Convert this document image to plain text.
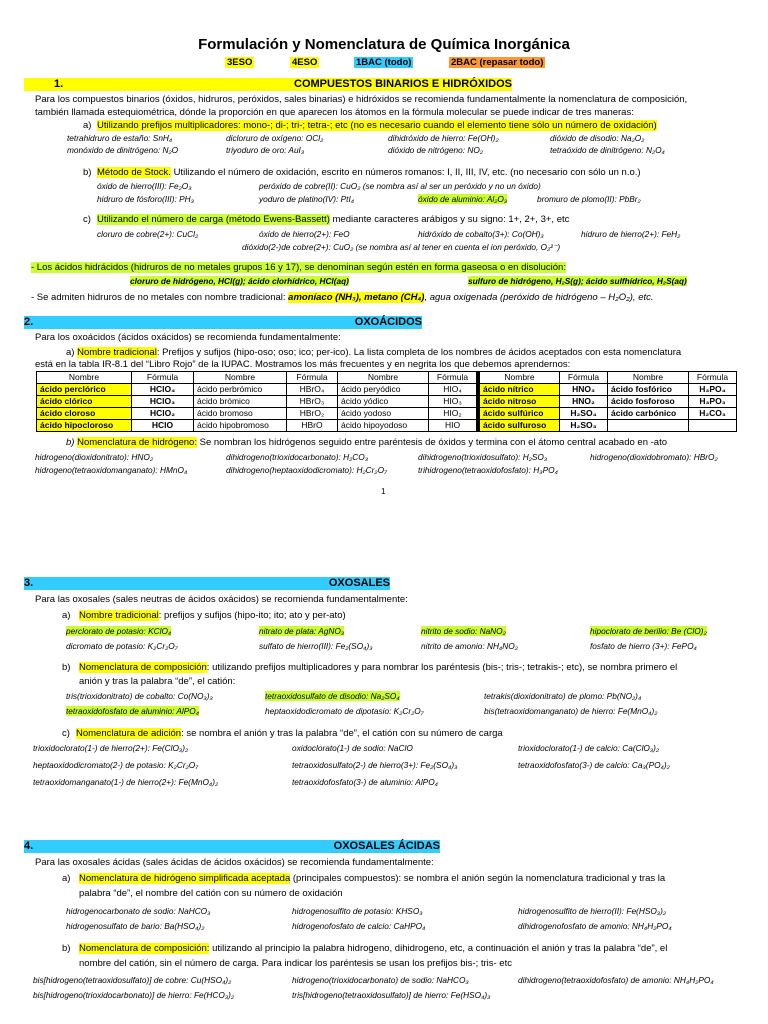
Formulación y Nomenclatura de Química Inorgánica
3ESO	4ESO	1BAC (todo)	2BAC (repasar todo)
1.	COMPUESTOS BINARIOS E HIDRÓXIDOS
Para los compuestos binarios (óxidos, hidruros, peróxidos, sales binarias) e hidróxidos se recomienda fundamentalmente la nomenclatura de composición,
también llamada estequiométrica, dónde la proporción en que aparecen los átomos en la fórmula molecular se puede indicar de tres maneras:
a) Utilizando prefijos multiplicadores: mono-; di-; tri-; tetra-; etc (no es necesario cuando el elemento tiene sólo un número de oxidación)
tetrahidruro de estaño: SnH₄	dicloruro de oxígeno: OCl₂	dihidróxido de hierro: Fe(OH)₂	dióxido de disodio: Na₂O₂
monóxido de dinitrógeno: N₂O	triyoduro de oro: AuI₃	dióxido de nitrógeno: NO₂	tetraóxido de dinitrógeno: N₂O₄
b) Método de Stock. Utilizando el número de oxidación, escrito en números romanos: I, II, III, IV, etc. (no necesario con sólo un n.o.)
óxido de hierro(III): Fe₂O₃	peróxido de cobre(II): CuO₂ (se nombra así al ser un peróxido y no un óxido)
hidruro de fósforo(III): PH₃	yoduro de platino(IV): PtI₄	óxido de aluminio: Al₂O₃	bromuro de plomo(II): PbBr₂
c) Utilizando el número de carga (método Ewens-Bassett) mediante caracteres arábigos y su signo: 1+, 2+, 3+, etc
cloruro de cobre(2+): CuCl₂	óxido de hierro(2+): FeO	hidróxido de cobalto(3+): Co(OH)₃	hidruro de hierro(2+): FeH₂
dióxido(2-)de cobre(2+): CuO₂ (se nombra así al tener en cuenta el ion peróxido, O₂²⁻)
- Los ácidos hidrácidos (hidruros de no metales grupos 16 y 17), se denominan según estén en forma gaseosa o en disolución:
cloruro de hidrógeno, HCl(g); ácido clorhídrico, HCl(aq)	sulfuro de hidrógeno, H₂S(g); ácido sulfhídrico, H₂S(aq)
- Se admiten hidruros de no metales con nombre tradicional: amoníaco (NH₃), metano (CH₄), agua oxigenada (peróxido de hidrógeno – H₂O₂), etc.
2.	OXOÁCIDOS
Para los oxoácidos (ácidos oxácidos) se recomienda fundamentalmente:
a) Nombre tradicional: Prefijos y sufijos (hipo-oso; oso; ico; per-ico). La lista completa de los nombres de ácidos aceptados con esta nomenclatura
está en la tabla IR-8.1 del “Libro Rojo” de la IUPAC. Mostramos los más frecuentes y en negrita los que debemos aprendernos:
Nombre	Fórmula	Nombre	Fórmula	Nombre	Fórmula	Nombre	Fórmula	Nombre	Fórmula
ácido perclórico	HClO₄	ácido perbrómico	HBrO₄	ácido peryódico	HIO₄	ácido nítrico	HNO₃	ácido fosfórico	H₃PO₄
ácido clórico	HClO₃	ácido brómico	HBrO₃	ácido yódico	HIO₃	ácido nitroso	HNO₂	ácido fosforoso	H₃PO₃
ácido cloroso	HClO₂	ácido bromoso	HBrO₂	ácido yodoso	HIO₂	ácido sulfúrico	H₂SO₄	ácido carbónico	H₂CO₃
ácido hipocloroso	HClO	ácido hipobromoso	HBrO	ácido hipoyodoso	HIO	ácido sulfuroso	H₂SO₃		
b) Nomenclatura de hidrógeno: Se nombran los hidrógenos seguido entre paréntesis de óxidos y termina con el átomo central acabado en -ato
hidrogeno(dioxidonitrato): HNO₂	dihidrogeno(trioxidocarbonato): H₂CO₃	dihidrogeno(trioxidosulfato): H₂SO₃	hidrogeno(dioxidobromato): HBrO₂
hidrogeno(tetraoxidomanganato): HMnO₄	dihidrogeno(heptaoxidodicromato): H₂Cr₂O₇	trihidrogeno(tetraoxidofosfato): H₃PO₄
1
3.	OXOSALES
Para las oxosales (sales neutras de ácidos oxácidos) se recomienda fundamentalmente:
a) Nombre tradicional: prefijos y sufijos (hipo-ito; ito; ato y per-ato)
perclorato de potasio: KClO₄	nitrato de plata: AgNO₃	nitrito de sodio: NaNO₂	hipoclorato de berilio: Be (ClO)₂
dicromato de potasio: K₂Cr₂O₇	sulfato de hierro(III): Fe₂(SO₄)₃	nitrito de amonio: NH₄NO₂	fosfato de hierro (3+): FePO₄
b) Nomenclatura de composición: utilizando prefijos multiplicadores y para nombrar los paréntesis (bis-; tris-; tetrakis-; etc), se nombra primero el
anión y tras la palabra “de”, el catión:
tris(trioxidonitrato) de cobalto: Co(NO₃)₃	tetraoxidosulfato de disodio: Na₂SO₄	tetrakis(dioxidonitrato) de plomo: Pb(NO₂)₄
tetraoxidofosfato de aluminio: AlPO₄	heptaoxidodicromato de dipotasio: K₂Cr₂O₇	bis(tetraoxidomanganato) de hierro: Fe(MnO₄)₂
c) Nomenclatura de adición: se nombra el anión y tras la palabra “de”, el catión con su número de carga
trioxidoclorato(1-) de hierro(2+): Fe(ClO₃)₂	oxidoclorato(1-) de sodio: NaClO	trioxidoclorato(1-) de calcio: Ca(ClO₃)₂
heptaoxidodicromato(2-) de potasio: K₂Cr₂O₇	tetraoxidosulfato(2-) de hierro(3+): Fe₂(SO₄)₃	tetraoxidofosfato(3-) de calcio: Ca₃(PO₄)₂
tetraoxidomanganato(1-) de hierro(2+): Fe(MnO₄)₂	tetraoxidofosfato(3-) de aluminio: AlPO₄
4.	OXOSALES ÁCIDAS
Para las oxosales ácidas (sales ácidas de ácidos oxácidos) se recomienda fundamentalmente:
a) Nomenclatura de hidrógeno simplificada aceptada (principales compuestos): se nombra el anión según la nomenclatura tradicional y tras la
palabra “de”, el nombre del catión con su número de oxidación
hidrogenocarbonato de sodio: NaHCO₃	hidrogenosulfito de potasio: KHSO₃	hidrogenosulfito de hierro(II): Fe(HSO₃)₂
hidrogenosulfato de bario: Ba(HSO₄)₂	hidrogenofosfato de calcio: CaHPO₄	dihidrogenofosfato de amonio: NH₄H₂PO₄
b) Nomenclatura de composición: utilizando al principio la palabra hidrogeno, dihidrogeno, etc, a continuación el anión y tras la palabra “de”, el
nombre del catión, sin el número de carga. Para indicar los paréntesis se usan los prefijos bis-; tris- etc
bis[hidrogeno(tetraoxidosulfato)] de cobre: Cu(HSO₄)₂	hidrogeno(trioxidocarbonato) de sodio: NaHCO₃	dihidrogeno(tetraoxidofosfato) de amonio: NH₄H₂PO₄
bis[hidrogeno(trioxidocarbonato)] de hierro: Fe(HCO₃)₂	tris[hidrogeno(tetraoxidosulfato)] de hierro: Fe(HSO₄)₃
